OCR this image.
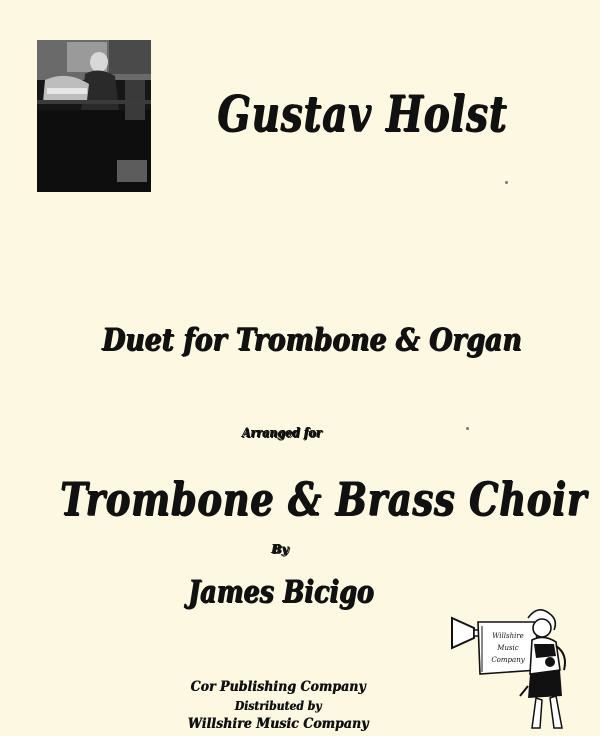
Gustav Holst
Duet for Trombone & Organ
Arranged for
Trombone & Brass Choir
By
James Bicigo
Cor Publishing Company
Distributed by
Willshire Music Company
Willshire
Music
Company
